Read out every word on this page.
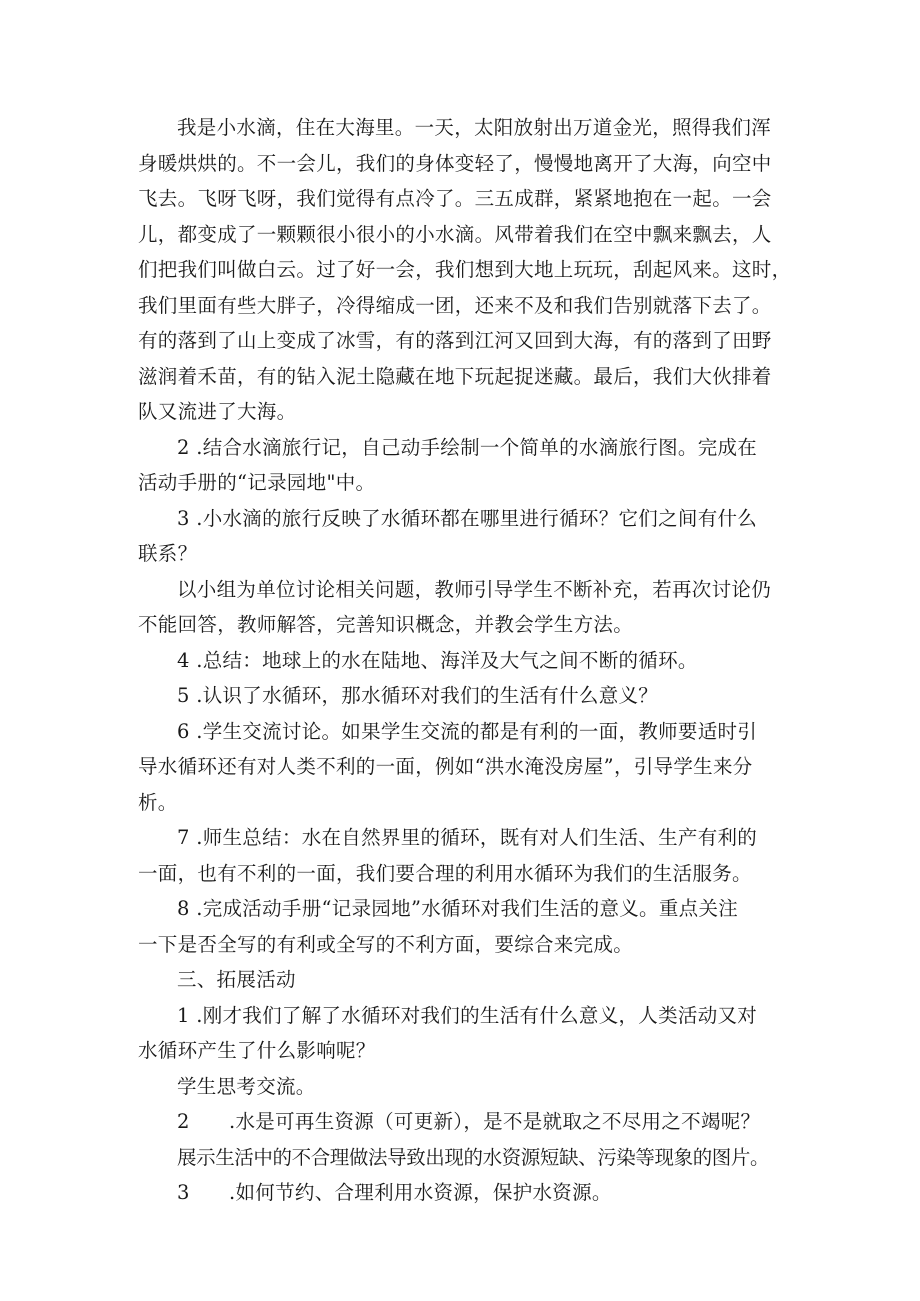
我是小水滴，住在大海里。一天，太阳放射出万道金光，照得我们浑
身暖烘烘的。不一会儿，我们的身体变轻了，慢慢地离开了大海，向空中
飞去。飞呀飞呀，我们觉得有点冷了。三五成群，紧紧地抱在一起。一会
儿，都变成了一颗颗很小很小的小水滴。风带着我们在空中飘来飘去，人
们把我们叫做白云。过了好一会，我们想到大地上玩玩，刮起风来。这时，
我们里面有些大胖子，冷得缩成一团，还来不及和我们告别就落下去了。
有的落到了山上变成了冰雪，有的落到江河又回到大海，有的落到了田野
滋润着禾苗，有的钻入泥土隐藏在地下玩起捉迷藏。最后，我们大伙排着
队又流进了大海。

2 .结合水滴旅行记，自己动手绘制一个简单的水滴旅行图。完成在
活动手册的“记录园地"中。

3 .小水滴的旅行反映了水循环都在哪里进行循环？它们之间有什么
联系？

以小组为单位讨论相关问题，教师引导学生不断补充，若再次讨论仍
不能回答，教师解答，完善知识概念，并教会学生方法。

4 .总结：地球上的水在陆地、海洋及大气之间不断的循环。

5 .认识了水循环，那水循环对我们的生活有什么意义？

6 .学生交流讨论。如果学生交流的都是有利的一面，教师要适时引
导水循环还有对人类不利的一面，例如“洪水淹没房屋”，引导学生来分
析。

7 .师生总结：水在自然界里的循环，既有对人们生活、生产有利的
一面，也有不利的一面，我们要合理的利用水循环为我们的生活服务。

8 .完成活动手册“记录园地”水循环对我们生活的意义。重点关注
一下是否全写的有利或全写的不利方面，要综合来完成。

三、拓展活动

1 .刚才我们了解了水循环对我们的生活有什么意义，人类活动又对
水循环产生了什么影响呢？

学生思考交流。

2 .水是可再生资源（可更新），是不是就取之不尽用之不竭呢？

展示生活中的不合理做法导致出现的水资源短缺、污染等现象的图片。

3 .如何节约、合理利用水资源，保护水资源。
